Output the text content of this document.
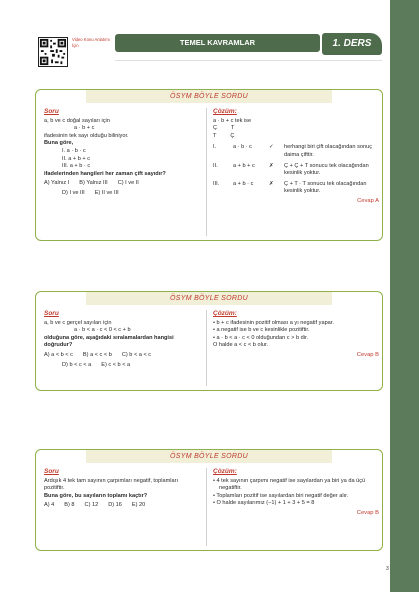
Video Konu Anlatımı İçin	TEMEL KAVRAMLAR	1. DERS
ÖSYM BÖYLE SORDU
Soru
a, b ve c doğal sayıları için
a · b + c
ifadesinin tek sayı olduğu biliniyor.
Buna göre,
I. a · b · c
II. a + b + c
III. a + b · c
ifadelerinden hangileri her zaman çift sayıdır?
A) Yalnız I B) Yalnız III C) I ve II
D) I ve III E) II ve III
Çözüm:
a · b + c tek ise
Ç	T
T	Ç
I.	a · b · c	✓	herhangi biri çift olacağından sonuç daima çifttir.
II.	a + b + c	✗	Ç + Ç + T sonucu tek olacağından kesinlik yoktur.
III.	a + b · c	✗	Ç + T · T sonucu tek olacağından kesinlik yoktur.
Cevap A
ÖSYM BÖYLE SORDU
Soru
a, b ve c gerçel sayıları için
a · b < a · c < 0 < c + b
olduğuna göre, aşağıdaki sıralamalardan hangisi doğrudur?
A) a < b < c B) a < c < b C) b < a < c
D) b < c < a E) c < b < a
Çözüm:
• b + c ifadesinin pozitif olması a yı negatif yapar.
• a negatif ise b ve c kesinlikle pozitiftir.
• a · b < a · c < 0 olduğundan c > b dir.
O halde a < c < b olur.
Cevap B
ÖSYM BÖYLE SORDU
Soru
Ardışık 4 tek tam sayının çarpımları negatif, toplamları pozitiftir.
Buna göre, bu sayıların toplamı kaçtır?
A) 4 B) 8 C) 12 D) 16 E) 20
Çözüm:
• 4 tek sayının çarpımı negatif ise sayılardan ya biri ya da üçü negatiftir.
• Toplamları pozitif ise sayılardan biri negatif değer alır.
• O halde sayılarımız (−1) + 1 + 3 + 5 = 8
Cevap B
3
